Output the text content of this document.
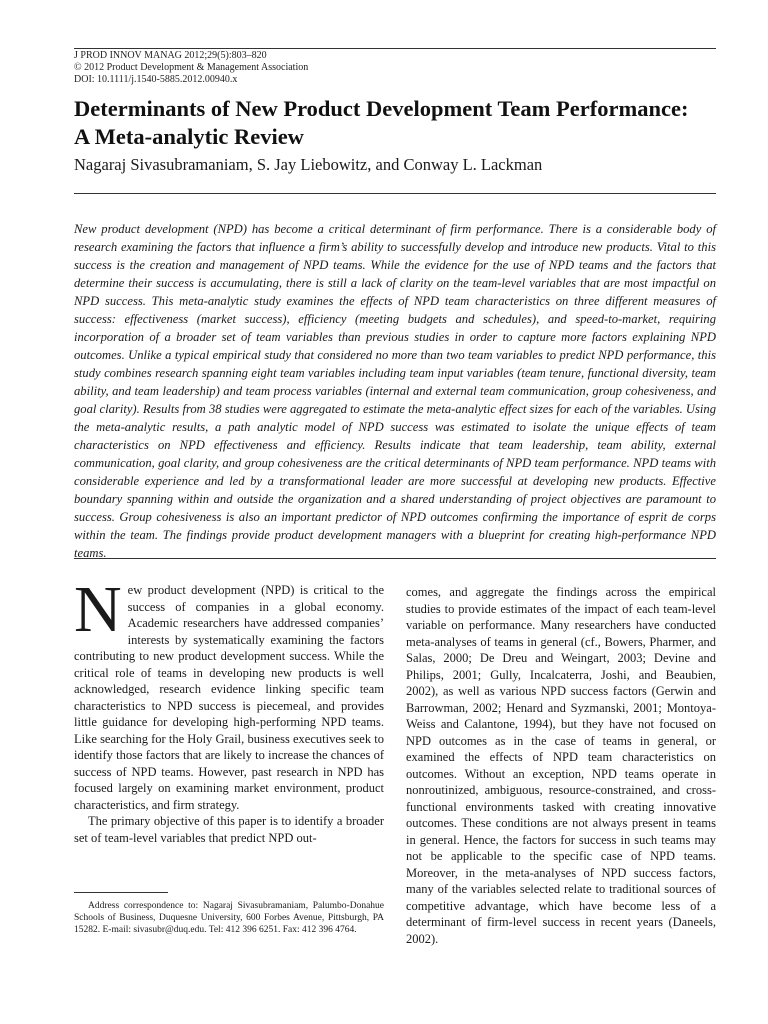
J PROD INNOV MANAG 2012;29(5):803–820
© 2012 Product Development & Management Association
DOI: 10.1111/j.1540-5885.2012.00940.x
Determinants of New Product Development Team Performance:
A Meta-analytic Review
Nagaraj Sivasubramaniam, S. Jay Liebowitz, and Conway L. Lackman

New product development (NPD) has become a critical determinant of firm performance. There is a considerable body of research examining the factors that influence a firm’s ability to successfully develop and introduce new products. Vital to this success is the creation and management of NPD teams. While the evidence for the use of NPD teams and the factors that determine their success is accumulating, there is still a lack of clarity on the team-level variables that are most impactful on NPD success. This meta-analytic study examines the effects of NPD team characteristics on three different measures of success: effectiveness (market success), efficiency (meeting budgets and schedules), and speed-to-market, requiring incorporation of a broader set of team variables than previous studies in order to capture more factors explaining NPD outcomes. Unlike a typical empirical study that considered no more than two team variables to predict NPD performance, this study combines research spanning eight team variables including team input variables (team tenure, functional diversity, team ability, and team leadership) and team process variables (internal and external team communication, group cohesiveness, and goal clarity). Results from 38 studies were aggregated to estimate the meta-analytic effect sizes for each of the variables. Using the meta-analytic results, a path analytic model of NPD success was estimated to isolate the unique effects of team characteristics on NPD effectiveness and efficiency. Results indicate that team leadership, team ability, external communication, goal clarity, and group cohesiveness are the critical determinants of NPD team performance. NPD teams with considerable experience and led by a transformational leader are more successful at developing new products. Effective boundary spanning within and outside the organization and a shared understanding of project objectives are paramount to success. Group cohesiveness is also an important predictor of NPD outcomes confirming the importance of esprit de corps within the team. The findings provide product development managers with a blueprint for creating high-performance NPD teams.

New product development (NPD) is critical to the success of companies in a global economy. Academic researchers have addressed companies’ interests by systematically examining the factors contributing to new product development success. While the critical role of teams in developing new products is well acknowledged, research evidence linking specific team characteristics to NPD success is piecemeal, and provides little guidance for developing high-performing NPD teams. Like searching for the Holy Grail, business executives seek to identify those factors that are likely to increase the chances of success of NPD teams. However, past research in NPD has focused largely on examining market environment, product characteristics, and firm strategy.

The primary objective of this paper is to identify a broader set of team-level variables that predict NPD out-

comes, and aggregate the findings across the empirical studies to provide estimates of the impact of each team-level variable on performance. Many researchers have conducted meta-analyses of teams in general (cf., Bowers, Pharmer, and Salas, 2000; De Dreu and Weingart, 2003; Devine and Philips, 2001; Gully, Incalcaterra, Joshi, and Beaubien, 2002), as well as various NPD success factors (Gerwin and Barrowman, 2002; Henard and Syzmanski, 2001; Montoya-Weiss and Calantone, 1994), but they have not focused on NPD outcomes as in the case of teams in general, or examined the effects of NPD team characteristics on outcomes. Without an exception, NPD teams operate in nonroutinized, ambiguous, resource-constrained, and cross-functional environments tasked with creating innovative outcomes. These conditions are not always present in teams in general. Hence, the factors for success in such teams may not be applicable to the specific case of NPD teams. Moreover, in the meta-analyses of NPD success factors, many of the variables selected relate to traditional sources of competitive advantage, which have become less of a determinant of firm-level success in recent years (Daneels, 2002).

Address correspondence to: Nagaraj Sivasubramaniam, Palumbo-Donahue Schools of Business, Duquesne University, 600 Forbes Avenue, Pittsburgh, PA 15282. E-mail: sivasubr@duq.edu. Tel: 412 396 6251. Fax: 412 396 4764.
